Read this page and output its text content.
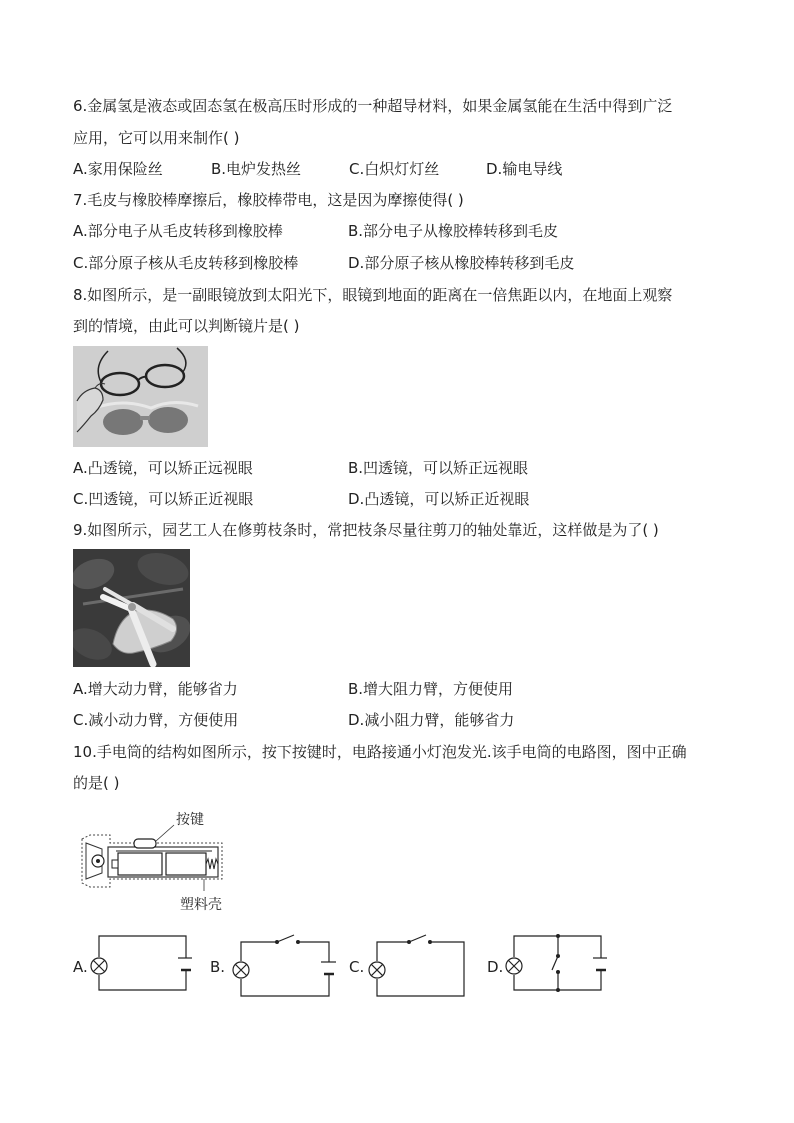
6.金属氢是液态或固态氢在极高压时形成的一种超导材料，如果金属氢能在生活中得到广泛
应用，它可以用来制作( )
A.家用保险丝	B.电炉发热丝	C.白炽灯灯丝	D.输电导线
7.毛皮与橡胶棒摩擦后，橡胶棒带电，这是因为摩擦使得( )
A.部分电子从毛皮转移到橡胶棒	B.部分电子从橡胶棒转移到毛皮
C.部分原子核从毛皮转移到橡胶棒	D.部分原子核从橡胶棒转移到毛皮
8.如图所示，是一副眼镜放到太阳光下，眼镜到地面的距离在一倍焦距以内，在地面上观察
到的情境，由此可以判断镜片是( )
A.凸透镜，可以矫正远视眼	B.凹透镜，可以矫正远视眼
C.凹透镜，可以矫正近视眼	D.凸透镜，可以矫正近视眼
9.如图所示，园艺工人在修剪枝条时，常把枝条尽量往剪刀的轴处靠近，这样做是为了( )
A.增大动力臂，能够省力	B.增大阻力臂，方便使用
C.减小动力臂，方便使用	D.减小阻力臂，能够省力
10.手电筒的结构如图所示，按下按键时，电路接通小灯泡发光.该手电筒的电路图，图中正确
的是( )
按键
塑料壳
A.	B.	C.	D.
